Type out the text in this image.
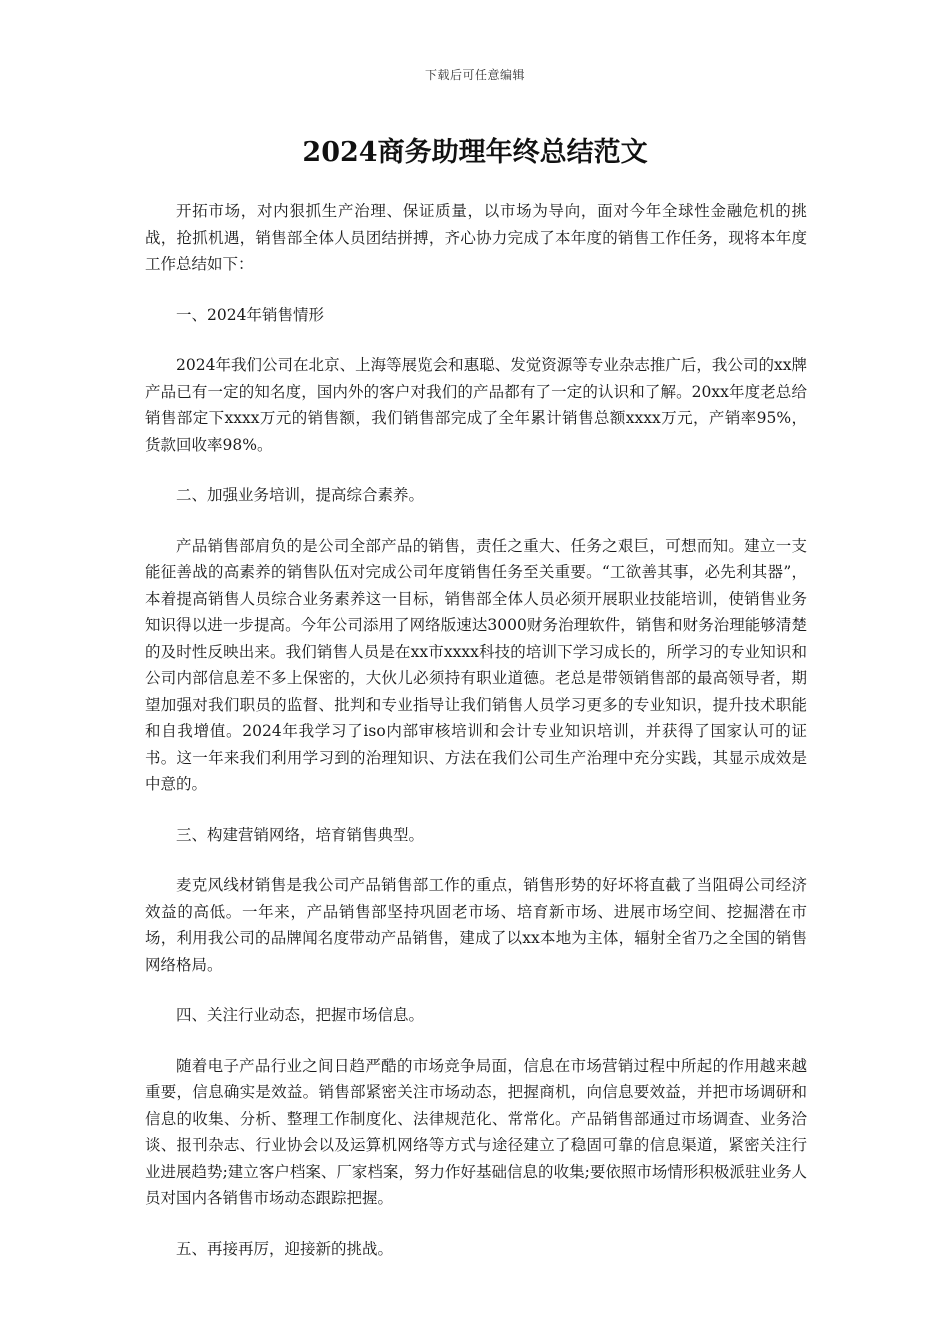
下载后可任意编辑
2024商务助理年终总结范文

开拓市场，对内狠抓生产治理、保证质量，以市场为导向，面对今年全球性金融危机的挑战，抢抓机遇，销售部全体人员团结拼搏，齐心协力完成了本年度的销售工作任务，现将本年度工作总结如下：

一、2024年销售情形

2024年我们公司在北京、上海等展览会和惠聪、发觉资源等专业杂志推广后，我公司的xx牌产品已有一定的知名度，国内外的客户对我们的产品都有了一定的认识和了解。20xx年度老总给销售部定下xxxx万元的销售额，我们销售部完成了全年累计销售总额xxxx万元，产销率95%，货款回收率98%。

二、加强业务培训，提高综合素养。

产品销售部肩负的是公司全部产品的销售，责任之重大、任务之艰巨，可想而知。建立一支能征善战的高素养的销售队伍对完成公司年度销售任务至关重要。“工欲善其事，必先利其器”，本着提高销售人员综合业务素养这一目标，销售部全体人员必须开展职业技能培训，使销售业务知识得以进一步提高。今年公司添用了网络版速达3000财务治理软件，销售和财务治理能够清楚的及时性反映出来。我们销售人员是在xx市xxxx科技的培训下学习成长的，所学习的专业知识和公司内部信息差不多上保密的，大伙儿必须持有职业道德。老总是带领销售部的最高领导者，期望加强对我们职员的监督、批判和专业指导让我们销售人员学习更多的专业知识，提升技术职能和自我增值。2024年我学习了iso内部审核培训和会计专业知识培训，并获得了国家认可的证书。这一年来我们利用学习到的治理知识、方法在我们公司生产治理中充分实践，其显示成效是中意的。

三、构建营销网络，培育销售典型。

麦克风线材销售是我公司产品销售部工作的重点，销售形势的好坏将直截了当阻碍公司经济效益的高低。一年来，产品销售部坚持巩固老市场、培育新市场、进展市场空间、挖掘潜在市场，利用我公司的品牌闻名度带动产品销售，建成了以xx本地为主体，辐射全省乃之全国的销售网络格局。

四、关注行业动态，把握市场信息。

随着电子产品行业之间日趋严酷的市场竞争局面，信息在市场营销过程中所起的作用越来越重要，信息确实是效益。销售部紧密关注市场动态，把握商机，向信息要效益，并把市场调研和信息的收集、分析、整理工作制度化、法律规范化、常常化。产品销售部通过市场调查、业务洽谈、报刊杂志、行业协会以及运算机网络等方式与途径建立了稳固可靠的信息渠道，紧密关注行业进展趋势;建立客户档案、厂家档案，努力作好基础信息的收集;要依照市场情形积极派驻业务人员对国内各销售市场动态跟踪把握。

五、再接再厉，迎接新的挑战。
